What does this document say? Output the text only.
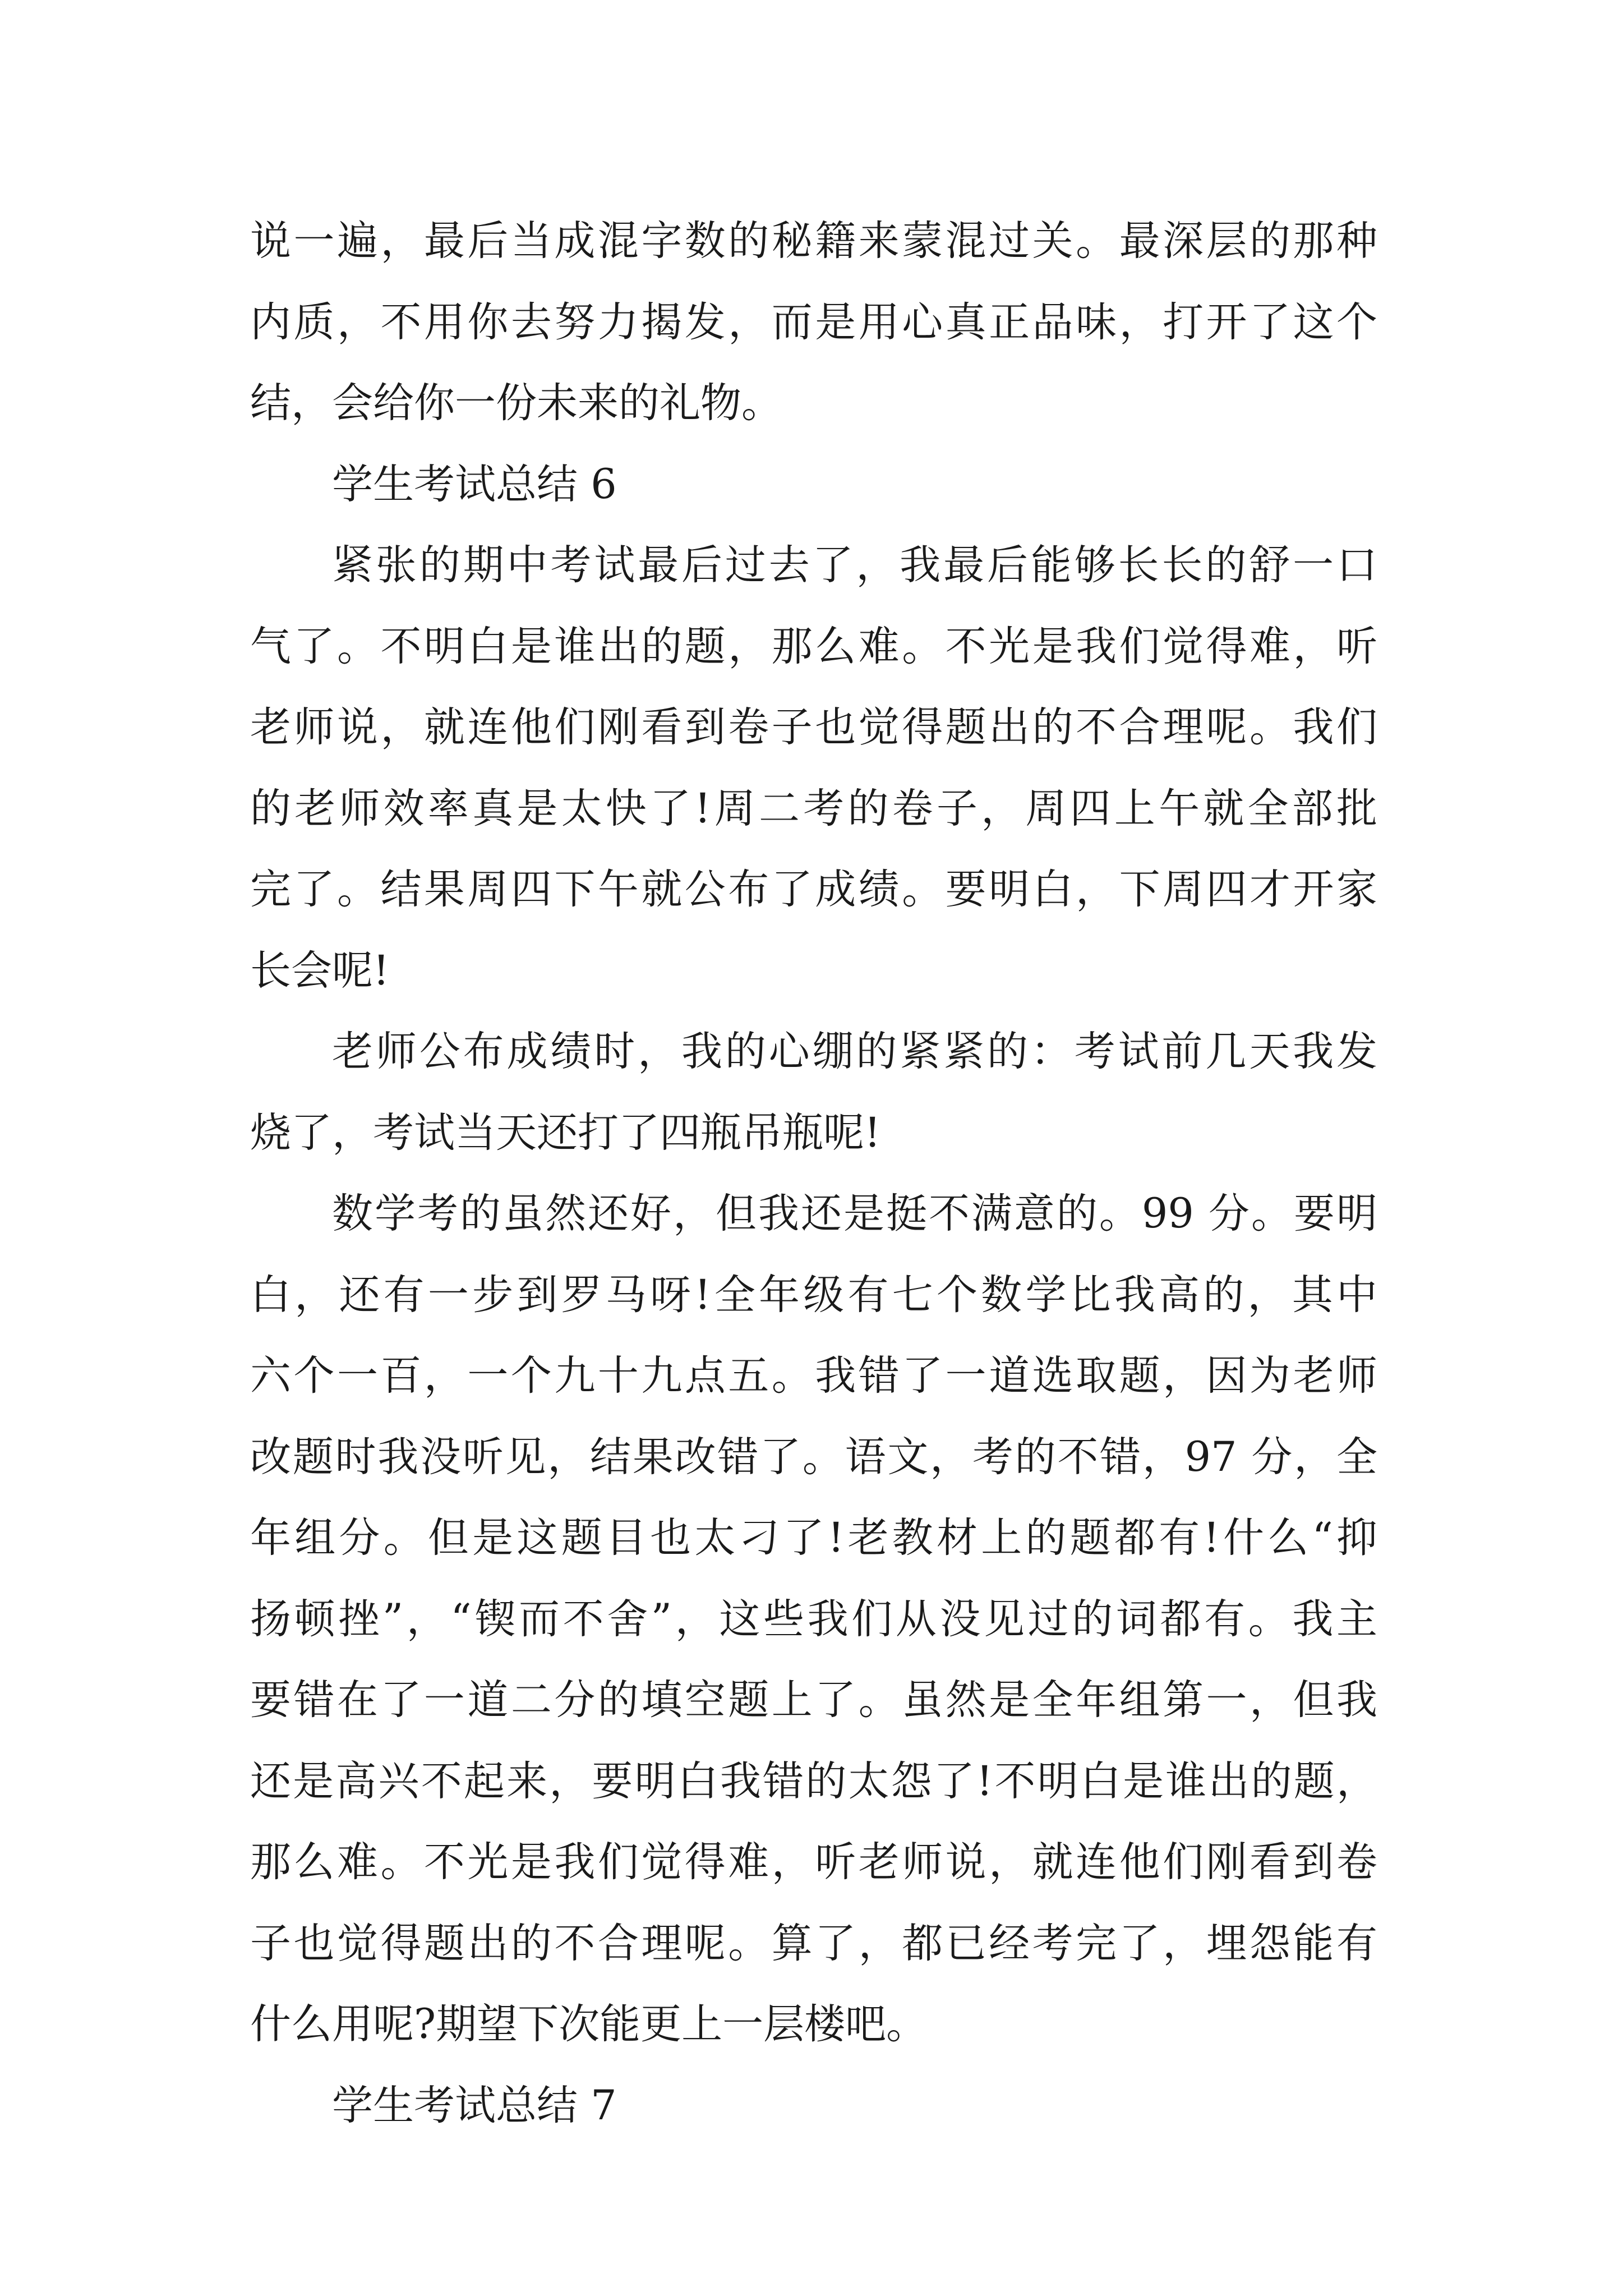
说一遍，最后当成混字数的秘籍来蒙混过关。最深层的那种
内质，不用你去努力揭发，而是用心真正品味，打开了这个
结，会给你一份未来的礼物。
学生考试总结 6
紧张的期中考试最后过去了，我最后能够长长的舒一口
气了。不明白是谁出的题，那么难。不光是我们觉得难，听
老师说，就连他们刚看到卷子也觉得题出的不合理呢。我们
的老师效率真是太快了!周二考的卷子，周四上午就全部批
完了。结果周四下午就公布了成绩。要明白，下周四才开家
长会呢!
老师公布成绩时，我的心绷的紧紧的：考试前几天我发
烧了，考试当天还打了四瓶吊瓶呢!
数学考的虽然还好，但我还是挺不满意的。99 分。要明
白，还有一步到罗马呀!全年级有七个数学比我高的，其中
六个一百，一个九十九点五。我错了一道选取题，因为老师
改题时我没听见，结果改错了。语文，考的不错，97 分，全
年组分。但是这题目也太刁了!老教材上的题都有!什么“抑
扬顿挫”，“锲而不舍”，这些我们从没见过的词都有。我主
要错在了一道二分的填空题上了。虽然是全年组第一，但我
还是高兴不起来，要明白我错的太怨了!不明白是谁出的题，
那么难。不光是我们觉得难，听老师说，就连他们刚看到卷
子也觉得题出的不合理呢。算了，都已经考完了，埋怨能有
什么用呢?期望下次能更上一层楼吧。
学生考试总结 7
